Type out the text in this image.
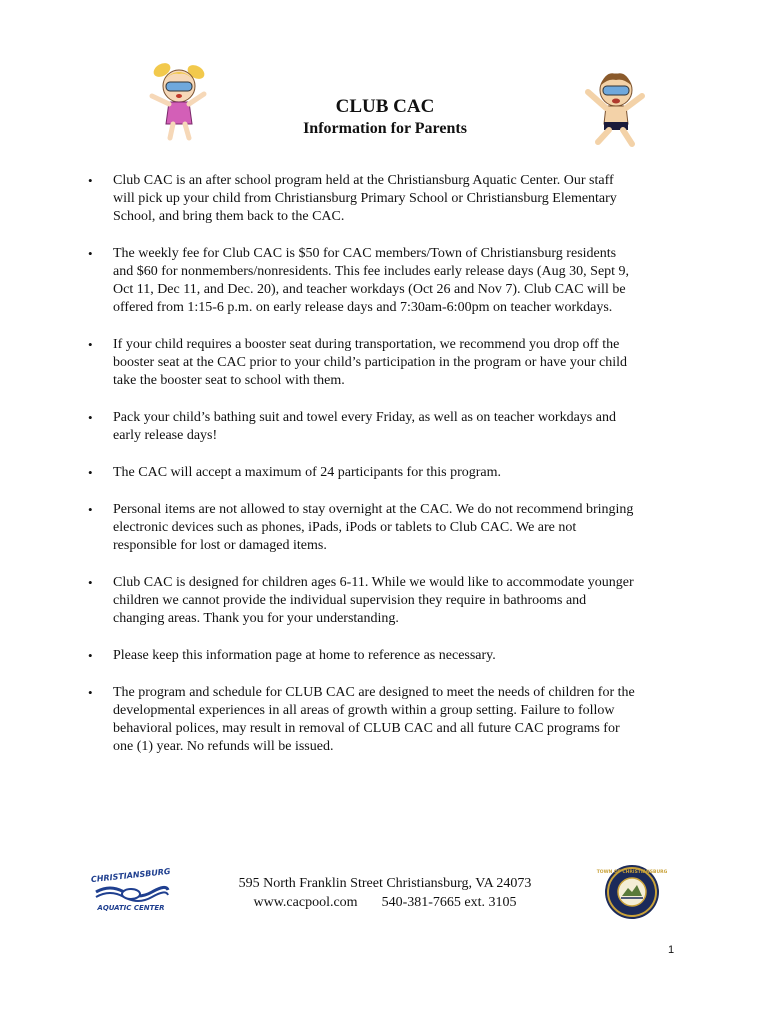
CLUB CAC
Information for Parents
• Club CAC is an after school program held at the Christiansburg Aquatic Center. Our staff
will pick up your child from Christiansburg Primary School or Christiansburg Elementary
School, and bring them back to the CAC.
• The weekly fee for Club CAC is $50 for CAC members/Town of Christiansburg residents
and $60 for nonmembers/nonresidents. This fee includes early release days (Aug 30, Sept 9,
Oct 11, Dec 11, and Dec. 20), and teacher workdays (Oct 26 and Nov 7). Club CAC will be
offered from 1:15-6 p.m. on early release days and 7:30am-6:00pm on teacher workdays.
• If your child requires a booster seat during transportation, we recommend you drop off the
booster seat at the CAC prior to your child’s participation in the program or have your child
take the booster seat to school with them.
• Pack your child’s bathing suit and towel every Friday, as well as on teacher workdays and
early release days!
• The CAC will accept a maximum of 24 participants for this program.
• Personal items are not allowed to stay overnight at the CAC. We do not recommend bringing
electronic devices such as phones, iPads, iPods or tablets to Club CAC. We are not
responsible for lost or damaged items.
• Club CAC is designed for children ages 6-11. While we would like to accommodate younger
children we cannot provide the individual supervision they require in bathrooms and
changing areas. Thank you for your understanding.
• Please keep this information page at home to reference as necessary.
• The program and schedule for CLUB CAC are designed to meet the needs of children for the
developmental experiences in all areas of growth within a group setting. Failure to follow
behavioral polices, may result in removal of CLUB CAC and all future CAC programs for
one (1) year. No refunds will be issued.
CHRISTIANSBURG
AQUATIC CENTER
595 North Franklin Street Christiansburg, VA 24073
www.cacpool.com 540-381-7665 ext. 3105
TOWN OF CHRISTIANSBURG
1
